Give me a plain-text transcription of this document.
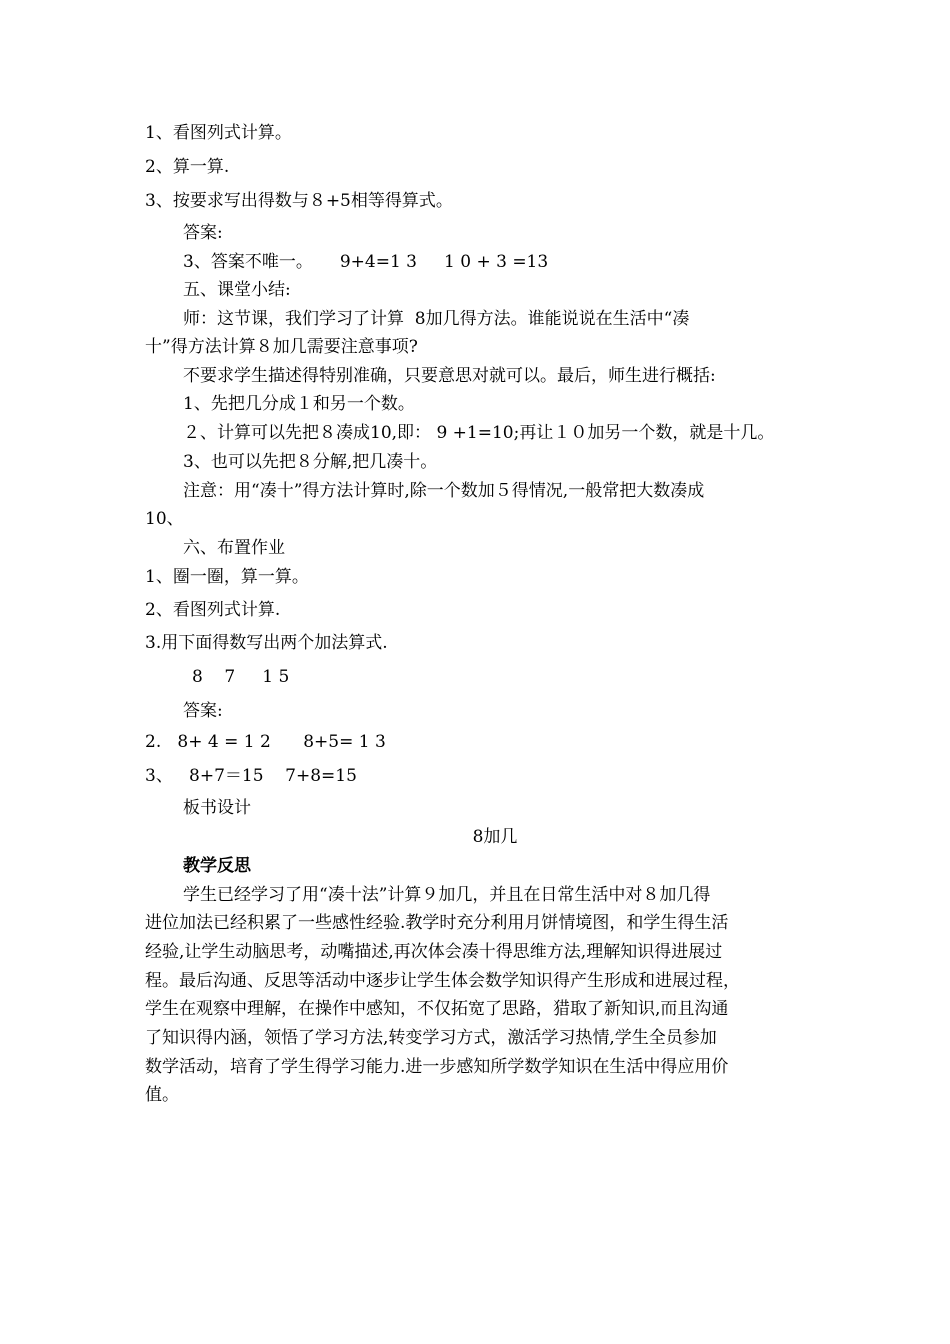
1、看图列式计算。

2、算一算.

3、按要求写出得数与８+5相等得算式。

答案:

3、答案不唯一。     9+4=1 3     1 0 + 3 =13

五、课堂小结:

师：这节课，我们学习了计算  8加几得方法。谁能说说在生活中“凑

十”得方法计算８加几需要注意事项?

不要求学生描述得特别准确，只要意思对就可以。最后，师生进行概括:

1、先把几分成１和另一个数。

２、计算可以先把８凑成10,即： 9 +1=10;再让１０加另一个数，就是十几。

3、也可以先把８分解,把几凑十。

注意：用“凑十”得方法计算时,除一个数加５得情况,一般常把大数凑成

10、

六、布置作业

1、圈一圈，算一算。

2、看图列式计算.

3.用下面得数写出两个加法算式.

8    7     1 5

答案:

2.   8+ 4 = 1 2      8+5= 1 3

3、   8+7＝15    7+8=15

板书设计

8加几

教学反思

学生已经学习了用“凑十法”计算９加几，并且在日常生活中对８加几得

进位加法已经积累了一些感性经验.教学时充分利用月饼情境图，和学生得生活

经验,让学生动脑思考，动嘴描述,再次体会凑十得思维方法,理解知识得进展过

程。最后沟通、反思等活动中逐步让学生体会数学知识得产生形成和进展过程，

学生在观察中理解，在操作中感知，不仅拓宽了思路，猎取了新知识,而且沟通

了知识得内涵，领悟了学习方法,转变学习方式，激活学习热情,学生全员参加

数学活动，培育了学生得学习能力.进一步感知所学数学知识在生活中得应用价

值。
